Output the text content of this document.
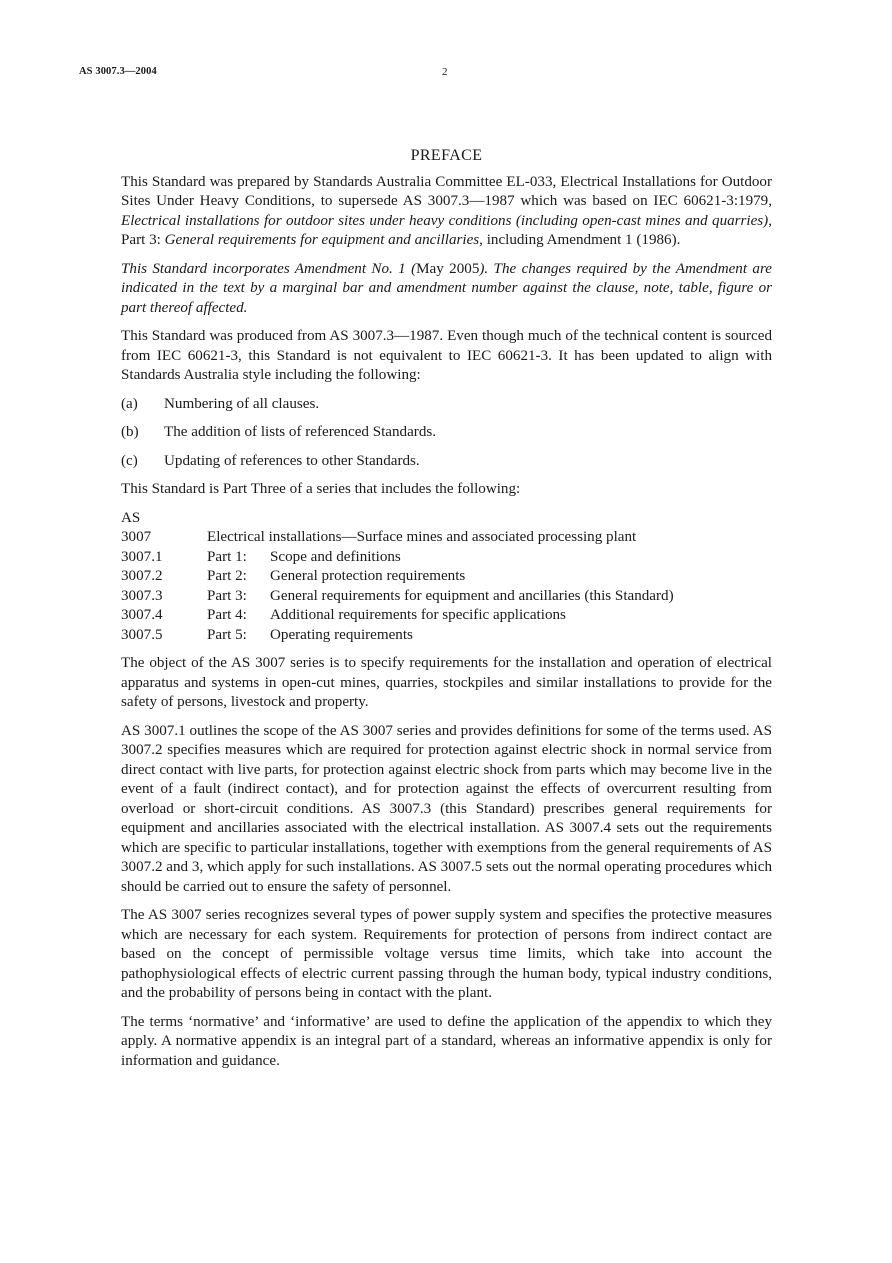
AS 3007.3—2004	2
PREFACE

This Standard was prepared by Standards Australia Committee EL-033, Electrical Installations for Outdoor Sites Under Heavy Conditions, to supersede AS 3007.3—1987 which was based on IEC 60621-3:1979, Electrical installations for outdoor sites under heavy conditions (including open-cast mines and quarries), Part 3: General requirements for equipment and ancillaries, including Amendment 1 (1986).

This Standard incorporates Amendment No. 1 (May 2005). The changes required by the Amendment are indicated in the text by a marginal bar and amendment number against the clause, note, table, figure or part thereof affected.

This Standard was produced from AS 3007.3—1987. Even though much of the technical content is sourced from IEC 60621-3, this Standard is not equivalent to IEC 60621-3. It has been updated to align with Standards Australia style including the following:

(a)	Numbering of all clauses.
(b)	The addition of lists of referenced Standards.
(c)	Updating of references to other Standards.

This Standard is Part Three of a series that includes the following:

AS
3007	Electrical installations—Surface mines and associated processing plant
3007.1	Part 1:	Scope and definitions
3007.2	Part 2:	General protection requirements
3007.3	Part 3:	General requirements for equipment and ancillaries (this Standard)
3007.4	Part 4:	Additional requirements for specific applications
3007.5	Part 5:	Operating requirements

The object of the AS 3007 series is to specify requirements for the installation and operation of electrical apparatus and systems in open-cut mines, quarries, stockpiles and similar installations to provide for the safety of persons, livestock and property.

AS 3007.1 outlines the scope of the AS 3007 series and provides definitions for some of the terms used. AS 3007.2 specifies measures which are required for protection against electric shock in normal service from direct contact with live parts, for protection against electric shock from parts which may become live in the event of a fault (indirect contact), and for protection against the effects of overcurrent resulting from overload or short-circuit conditions. AS 3007.3 (this Standard) prescribes general requirements for equipment and ancillaries associated with the electrical installation. AS 3007.4 sets out the requirements which are specific to particular installations, together with exemptions from the general requirements of AS 3007.2 and 3, which apply for such installations. AS 3007.5 sets out the normal operating procedures which should be carried out to ensure the safety of personnel.

The AS 3007 series recognizes several types of power supply system and specifies the protective measures which are necessary for each system. Requirements for protection of persons from indirect contact are based on the concept of permissible voltage versus time limits, which take into account the pathophysiological effects of electric current passing through the human body, typical industry conditions, and the probability of persons being in contact with the plant.

The terms ‘normative’ and ‘informative’ are used to define the application of the appendix to which they apply. A normative appendix is an integral part of a standard, whereas an informative appendix is only for information and guidance.
